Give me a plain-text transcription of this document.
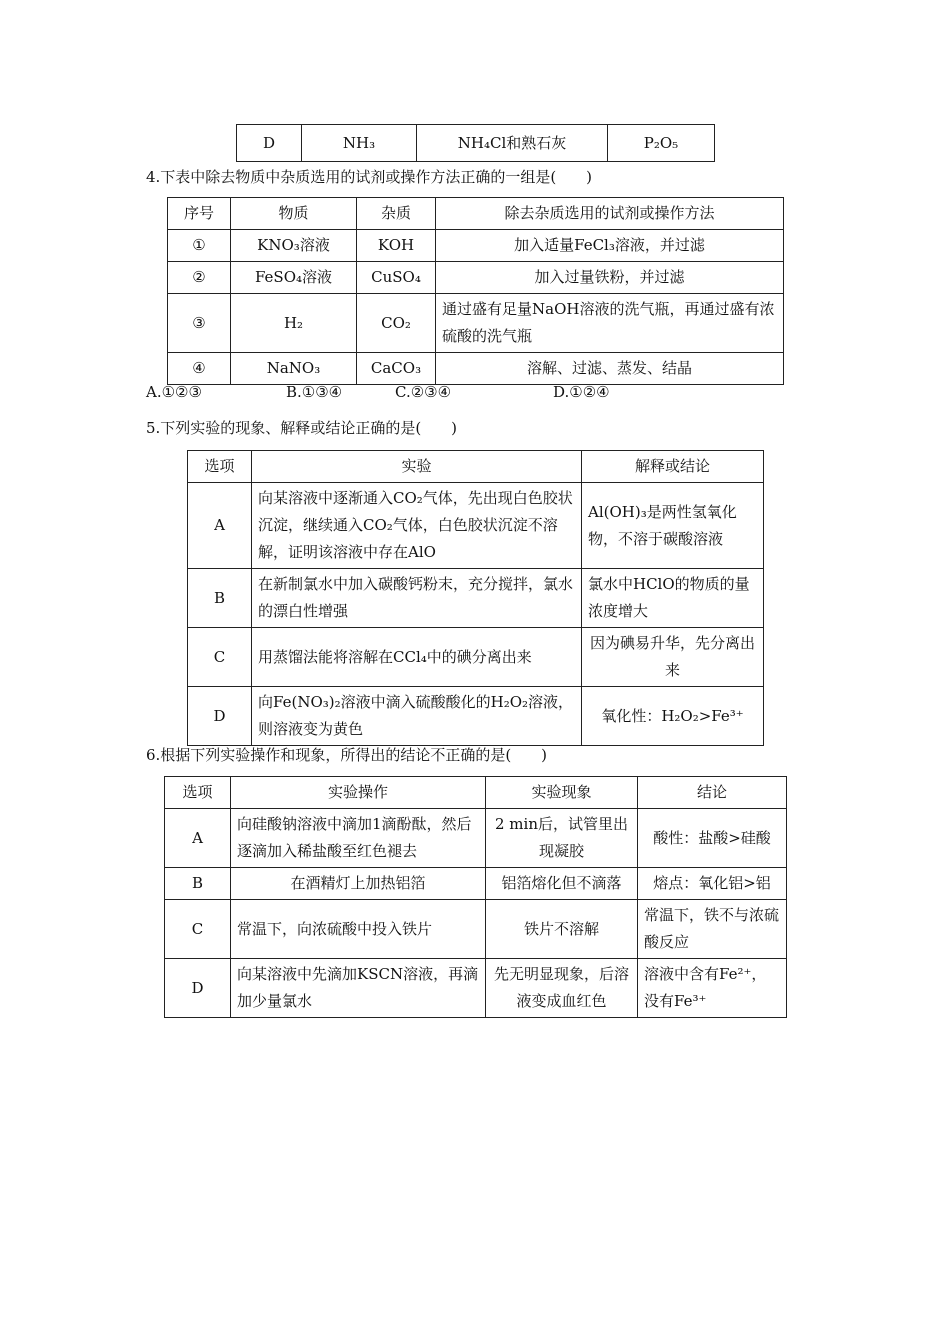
D	NH₃	NH₄Cl和熟石灰	P₂O₅
4.下表中除去物质中杂质选用的试剂或操作方法正确的一组是(　　)
序号	物质	杂质	除去杂质选用的试剂或操作方法
①	KNO₃溶液	KOH	加入适量FeCl₃溶液，并过滤
②	FeSO₄溶液	CuSO₄	加入过量铁粉，并过滤
③	H₂	CO₂	通过盛有足量NaOH溶液的洗气瓶，再通过盛有浓硫酸的洗气瓶
④	NaNO₃	CaCO₃	溶解、过滤、蒸发、结晶
A.①②③	B.①③④	C.②③④	D.①②④
5.下列实验的现象、解释或结论正确的是(　　)
选项	实验	解释或结论
A	向某溶液中逐渐通入CO₂气体，先出现白色胶状沉淀，继续通入CO₂气体，白色胶状沉淀不溶解，证明该溶液中存在AlO	Al(OH)₃是两性氢氧化物，不溶于碳酸溶液
B	在新制氯水中加入碳酸钙粉末，充分搅拌，氯水的漂白性增强	氯水中HClO的物质的量浓度增大
C	用蒸馏法能将溶解在CCl₄中的碘分离出来	因为碘易升华，先分离出来
D	向Fe(NO₃)₂溶液中滴入硫酸酸化的H₂O₂溶液，则溶液变为黄色	氧化性：H₂O₂>Fe³⁺
6.根据下列实验操作和现象，所得出的结论不正确的是(　　)
选项	实验操作	实验现象	结论
A	向硅酸钠溶液中滴加1滴酚酞，然后逐滴加入稀盐酸至红色褪去	2 min后，试管里出现凝胶	酸性：盐酸>硅酸
B	在酒精灯上加热铝箔	铝箔熔化但不滴落	熔点：氧化铝>铝
C	常温下，向浓硫酸中投入铁片	铁片不溶解	常温下，铁不与浓硫酸反应
D	向某溶液中先滴加KSCN溶液，再滴加少量氯水	先无明显现象，后溶液变成血红色	溶液中含有Fe²⁺，没有Fe³⁺
